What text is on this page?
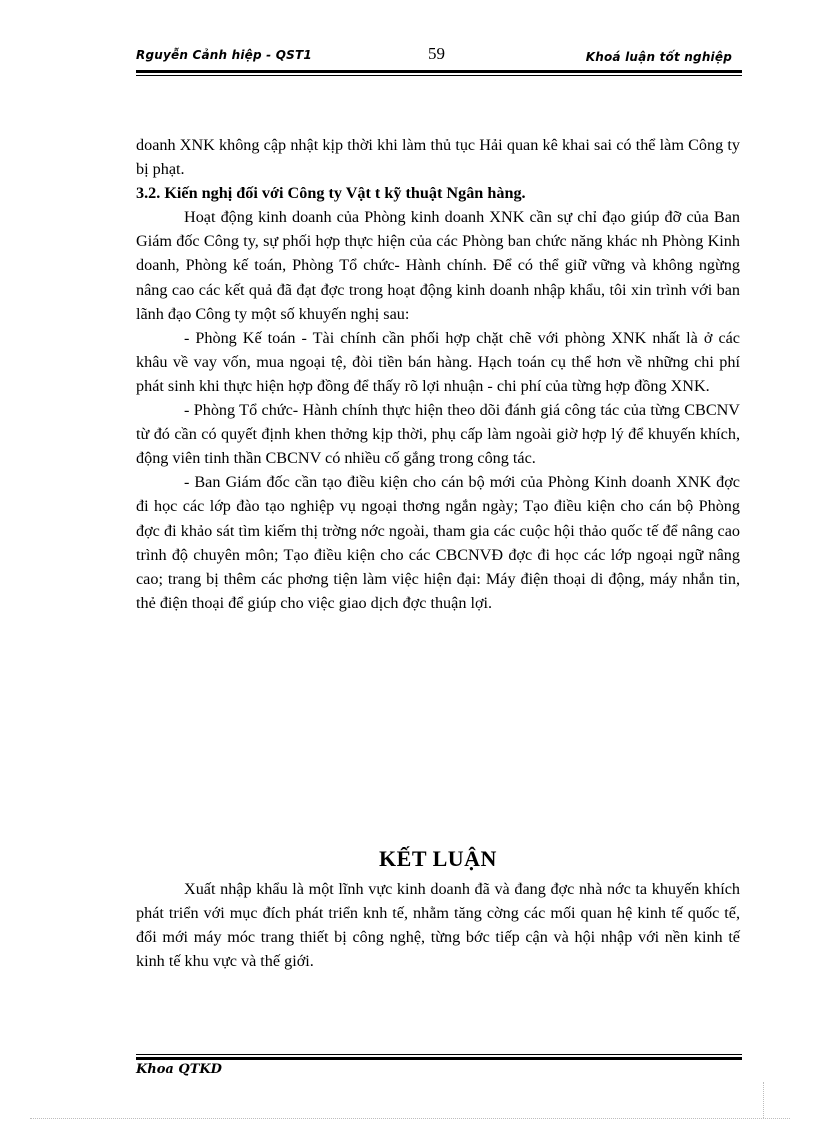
Rguyễn Cảnh hiệp - QST1	59	Khoá luận tốt nghiệp

doanh XNK không cập nhật kịp thời khi làm thủ tục Hải quan kê khai sai có thể làm Công ty bị phạt.

3.2. Kiến nghị đối với Công ty Vật t kỹ thuật Ngân hàng.

Hoạt động kinh doanh của Phòng kinh doanh XNK cần sự chỉ đạo giúp đỡ của Ban Giám đốc Công ty, sự phối hợp thực hiện của các Phòng ban chức năng khác nh Phòng Kinh doanh, Phòng kế toán, Phòng Tổ chức- Hành chính. Để có thể giữ vững và không ngừng nâng cao các kết quả đã đạt đợc trong hoạt động kinh doanh nhập khẩu, tôi xin trình với ban lãnh đạo Công ty một số khuyến nghị sau:

- Phòng Kế toán - Tài chính cần phối hợp chặt chẽ với phòng XNK nhất là ở các khâu về vay vốn, mua ngoại tệ, đòi tiền bán hàng. Hạch toán cụ thể hơn về những chi phí phát sinh khi thực hiện hợp đồng để thấy rõ lợi nhuận - chi phí của từng hợp đồng XNK.

- Phòng Tổ chức- Hành chính thực hiện theo dõi đánh giá công tác của từng CBCNV từ đó cần có quyết định khen thởng kịp thời, phụ cấp làm ngoài giờ hợp lý để khuyến khích, động viên tinh thần CBCNV có nhiều cố gắng trong công tác.

- Ban Giám đốc cần tạo điều kiện cho cán bộ mới của Phòng Kinh doanh XNK đợc đi học các lớp đào tạo nghiệp vụ ngoại thơng ngắn ngày; Tạo điều kiện cho cán bộ Phòng đợc đi khảo sát tìm kiếm thị trờng nớc ngoài, tham gia các cuộc hội thảo quốc tế để nâng cao trình độ chuyên môn; Tạo điều kiện cho các CBCNVĐ đợc đi học các lớp ngoại ngữ nâng cao; trang bị thêm các phơng tiện làm việc hiện đại: Máy điện thoại di động, máy nhắn tin, thẻ điện thoại để giúp cho việc giao dịch đợc thuận lợi.

KẾT LUẬN

Xuất nhập khẩu là một lĩnh vực kinh doanh đã và đang đợc nhà nớc ta khuyến khích phát triển với mục đích phát triển knh tế, nhằm tăng cờng các mối quan hệ kinh tế quốc tế, đổi mới máy móc trang thiết bị công nghệ, từng bớc tiếp cận và hội nhập với nền kinh tế kinh tế khu vực và thế giới.

Khoa QTKD
